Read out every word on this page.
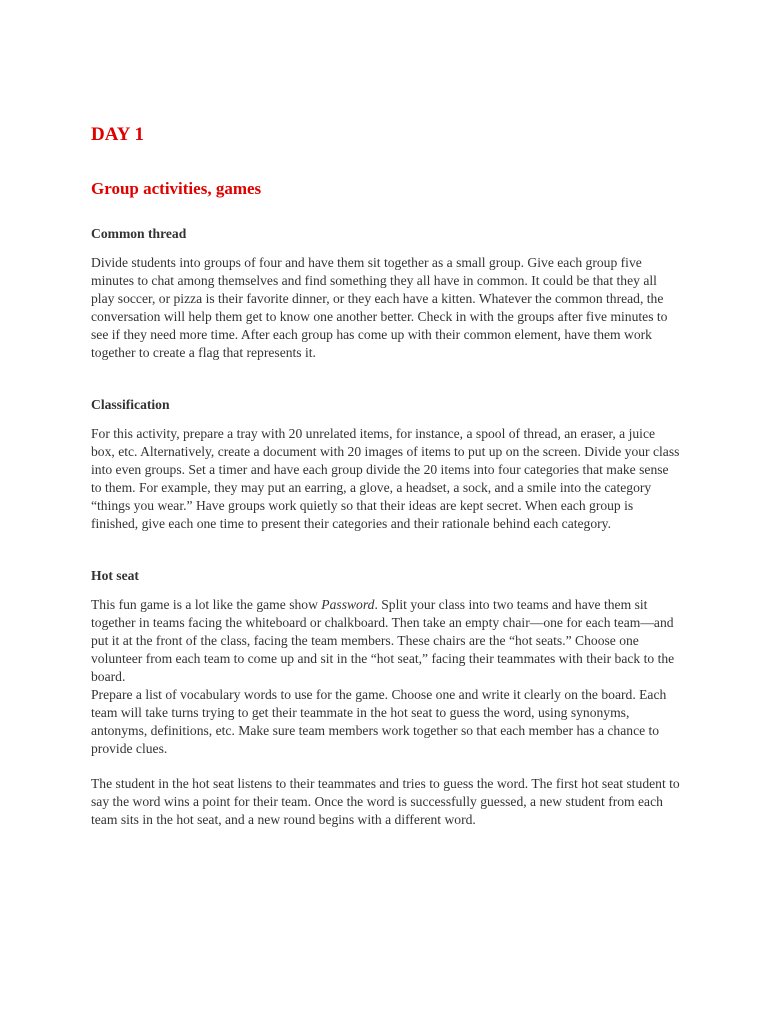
DAY 1
Group activities, games
Common thread

Divide students into groups of four and have them sit together as a small group. Give each group five minutes to chat among themselves and find something they all have in common. It could be that they all play soccer, or pizza is their favorite dinner, or they each have a kitten. Whatever the common thread, the conversation will help them get to know one another better. Check in with the groups after five minutes to see if they need more time. After each group has come up with their common element, have them work together to create a flag that represents it.

Classification

For this activity, prepare a tray with 20 unrelated items, for instance, a spool of thread, an eraser, a juice box, etc. Alternatively, create a document with 20 images of items to put up on the screen. Divide your class into even groups. Set a timer and have each group divide the 20 items into four categories that make sense to them. For example, they may put an earring, a glove, a headset, a sock, and a smile into the category “things you wear.” Have groups work quietly so that their ideas are kept secret. When each group is finished, give each one time to present their categories and their rationale behind each category.

Hot seat

This fun game is a lot like the game show Password. Split your class into two teams and have them sit together in teams facing the whiteboard or chalkboard. Then take an empty chair—one for each team—and put it at the front of the class, facing the team members. These chairs are the “hot seats.” Choose one volunteer from each team to come up and sit in the “hot seat,” facing their teammates with their back to the board.

Prepare a list of vocabulary words to use for the game. Choose one and write it clearly on the board. Each team will take turns trying to get their teammate in the hot seat to guess the word, using synonyms, antonyms, definitions, etc. Make sure team members work together so that each member has a chance to provide clues.

The student in the hot seat listens to their teammates and tries to guess the word. The first hot seat student to say the word wins a point for their team. Once the word is successfully guessed, a new student from each team sits in the hot seat, and a new round begins with a different word.
